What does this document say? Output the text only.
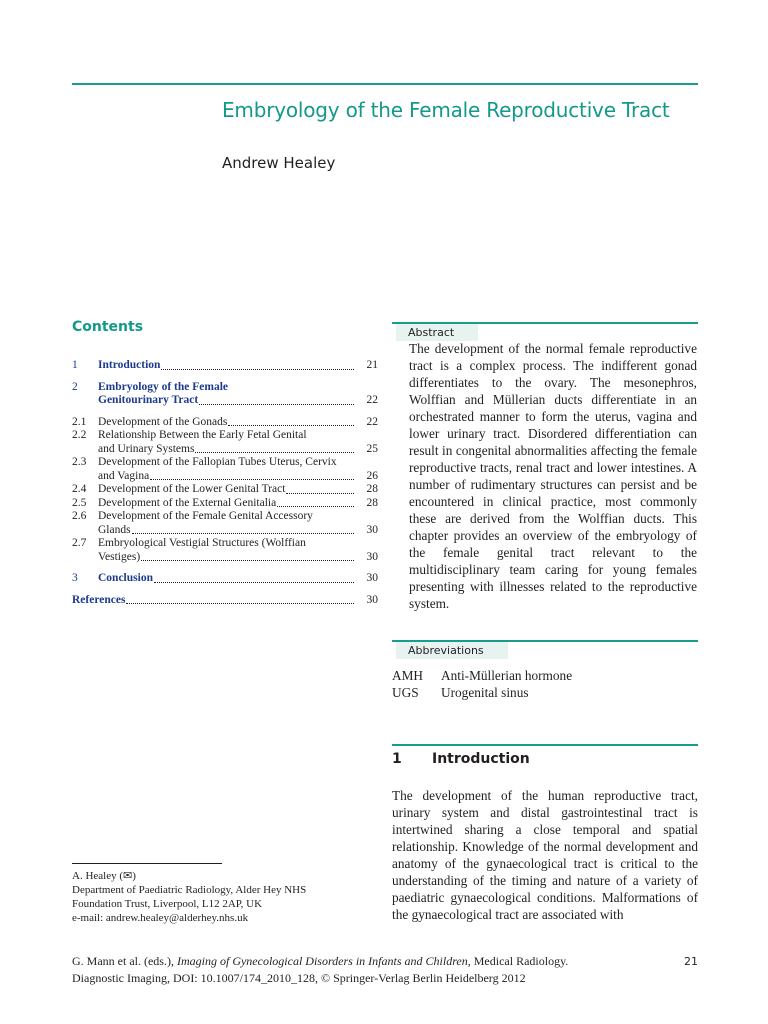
Embryology of the Female Reproductive Tract
Andrew Healey
Contents
1	Introduction	21
2	Embryology of the Female
Genitourinary Tract	22
2.1	Development of the Gonads	22
2.2	Relationship Between the Early Fetal Genital
and Urinary Systems	25
2.3	Development of the Fallopian Tubes Uterus, Cervix
and Vagina	26
2.4	Development of the Lower Genital Tract	28
2.5	Development of the External Genitalia	28
2.6	Development of the Female Genital Accessory
Glands	30
2.7	Embryological Vestigial Structures (Wolffian
Vestiges)	30
3	Conclusion	30
References	30
Abstract

The development of the normal female reproductive tract is a complex process. The indifferent gonad differentiates to the ovary. The mesonephros, Wolffian and Müllerian ducts differentiate in an orchestrated manner to form the uterus, vagina and lower urinary tract. Disordered differentiation can result in congenital abnormalities affecting the female reproductive tracts, renal tract and lower intestines. A number of rudimentary structures can persist and be encountered in clinical practice, most commonly these are derived from the Wolffian ducts. This chapter provides an overview of the embryology of the female genital tract relevant to the multidisciplinary team caring for young females presenting with illnesses related to the reproductive system.

Abbreviations
AMH Anti-Müllerian hormone
UGS Urogenital sinus
1 Introduction

The development of the human reproductive tract, urinary system and distal gastrointestinal tract is intertwined sharing a close temporal and spatial relationship. Knowledge of the normal development and anatomy of the gynaecological tract is critical to the understanding of the timing and nature of a variety of paediatric gynaecological conditions. Malformations of the gynaecological tract are associated with

A. Healey (✉)
Department of Paediatric Radiology, Alder Hey NHS
Foundation Trust, Liverpool, L12 2AP, UK
e-mail: andrew.healey@alderhey.nhs.uk
G. Mann et al. (eds.), Imaging of Gynecological Disorders in Infants and Children, Medical Radiology.
Diagnostic Imaging, DOI: 10.1007/174_2010_128, © Springer-Verlag Berlin Heidelberg 2012
21
